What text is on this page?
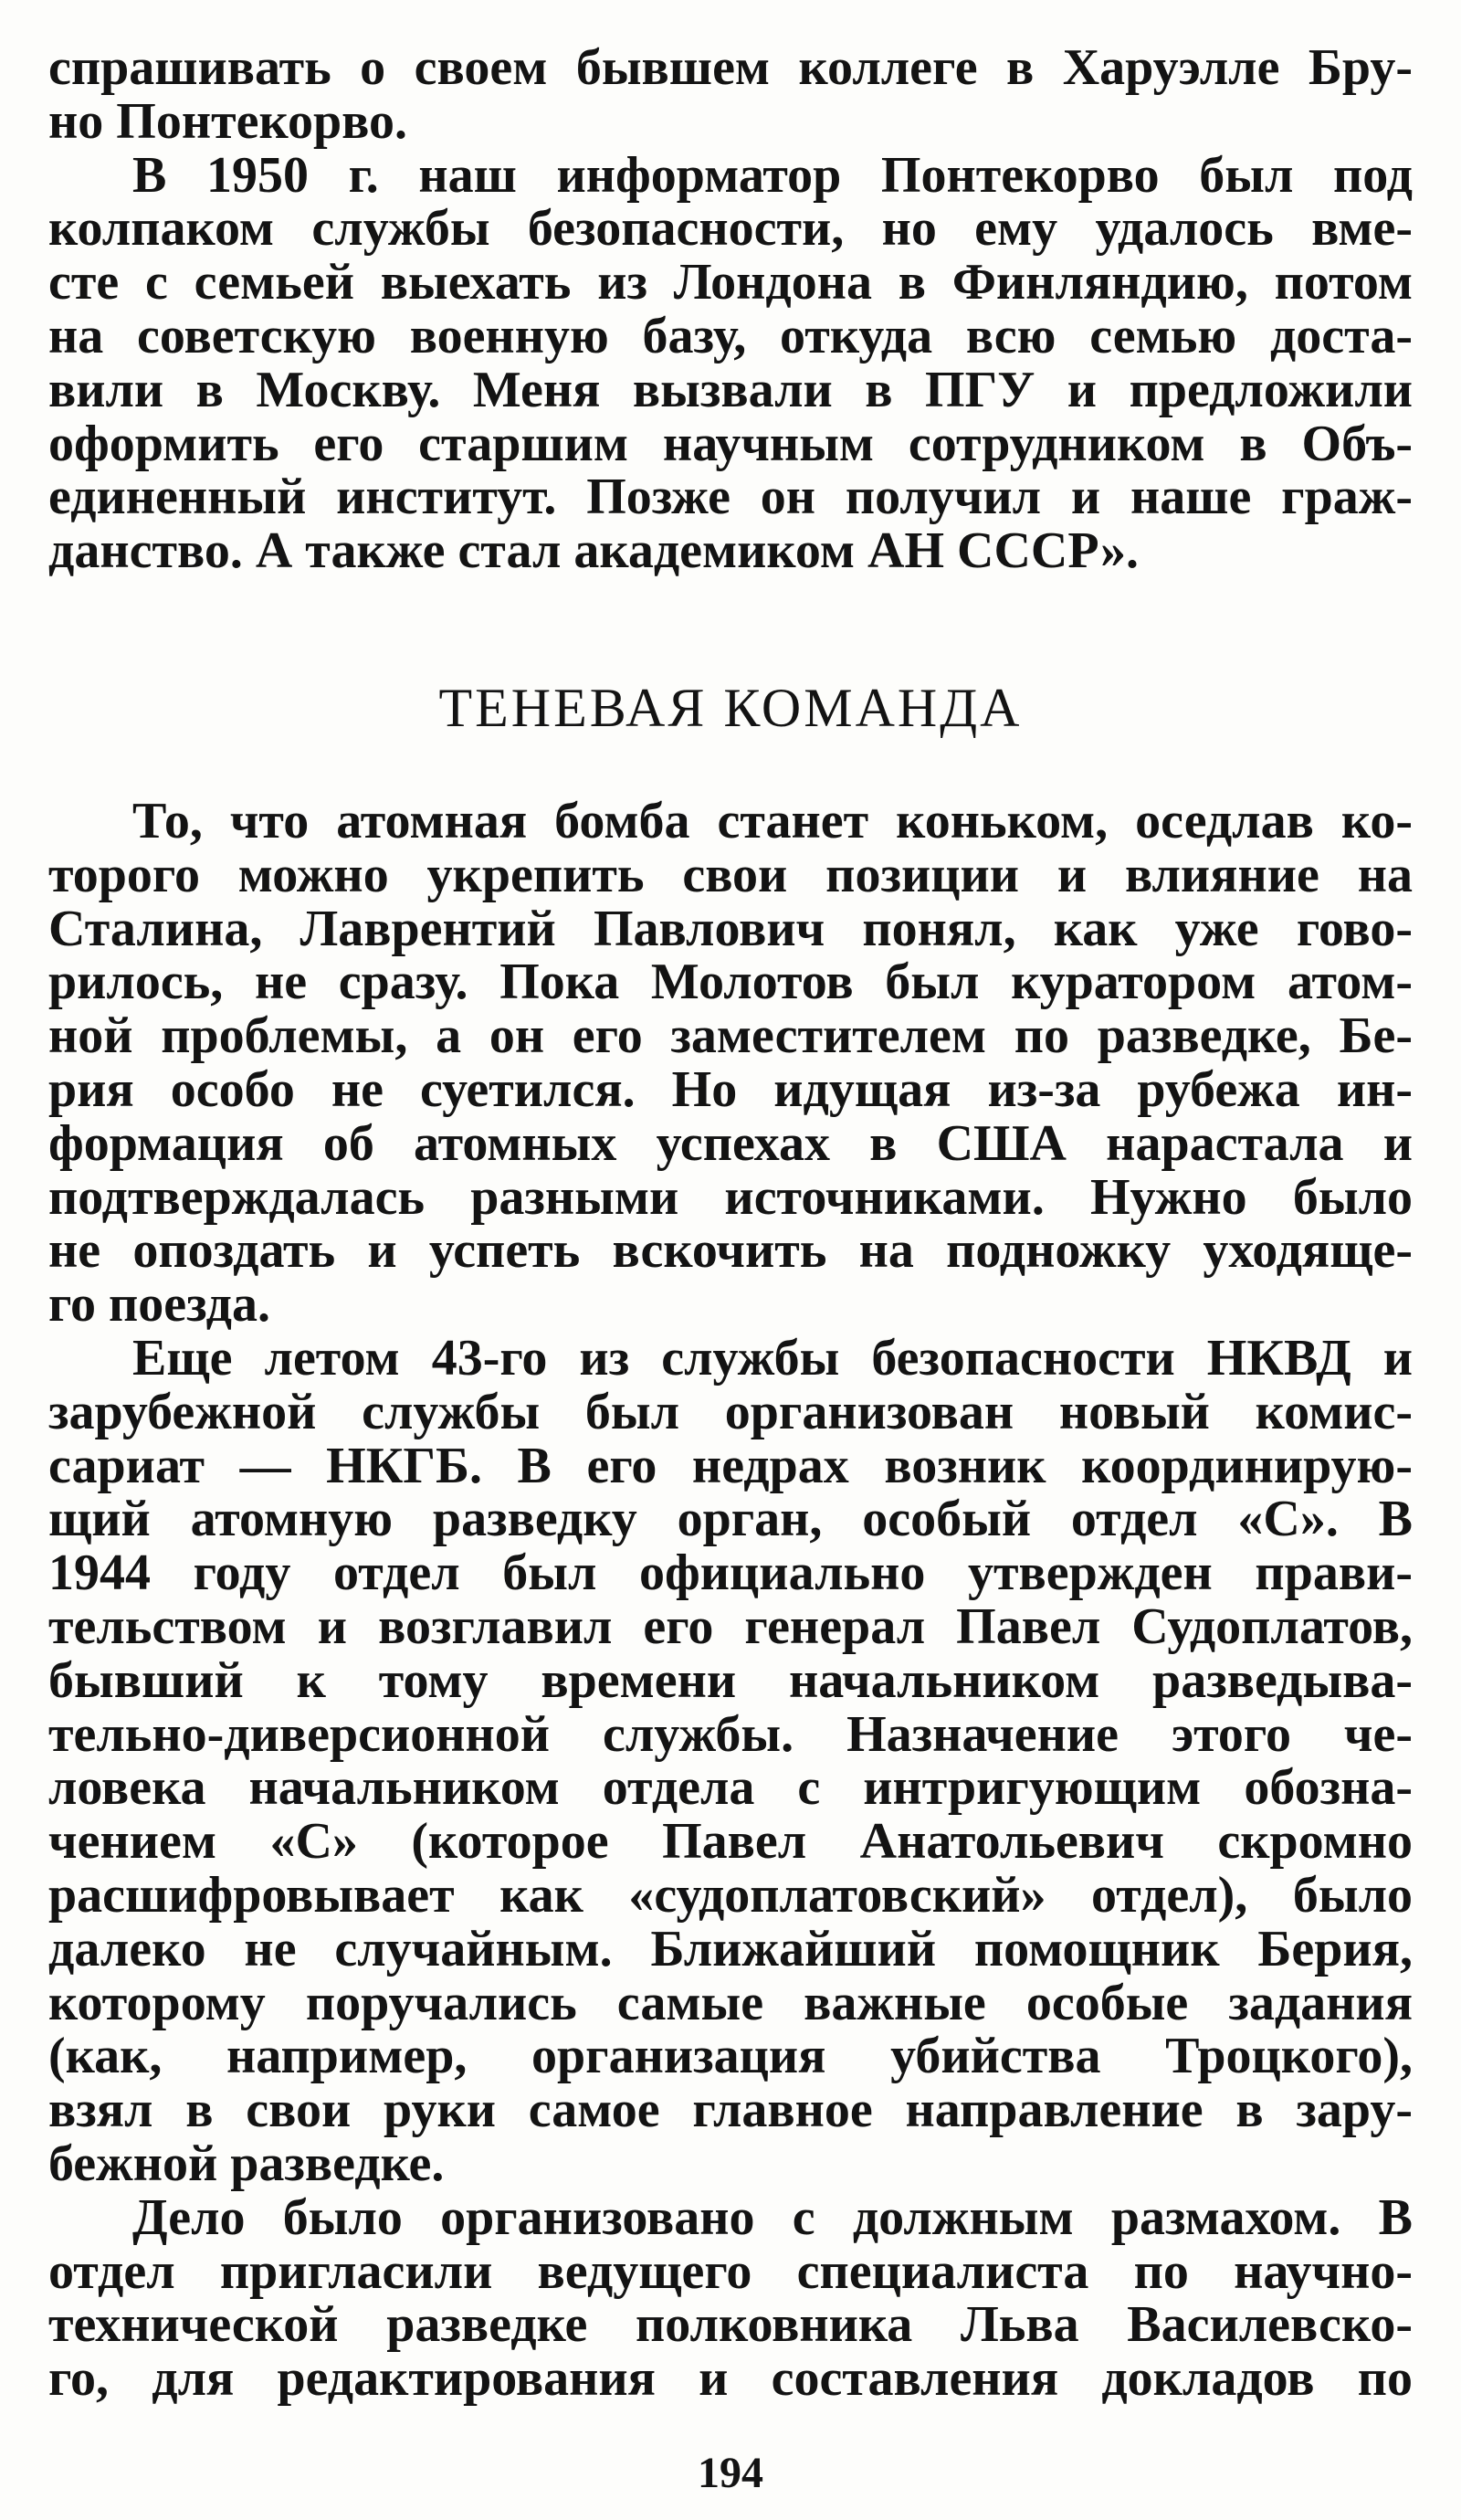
спрашивать о своем бывшем коллеге в Харуэлле Бру-
но Понтекорво.
В 1950 г. наш информатор Понтекорво был под
колпаком службы безопасности, но ему удалось вме-
сте с семьей выехать из Лондона в Финляндию, потом
на советскую военную базу, откуда всю семью доста-
вили в Москву. Меня вызвали в ПГУ и предложили
оформить его старшим научным сотрудником в Объ-
единенный институт. Позже он получил и наше граж-
данство. А также стал академиком АН СССР».
ТЕНЕВАЯ КОМАНДА
То, что атомная бомба станет коньком, оседлав ко-
торого можно укрепить свои позиции и влияние на
Сталина, Лаврентий Павлович понял, как уже гово-
рилось, не сразу. Пока Молотов был куратором атом-
ной проблемы, а он его заместителем по разведке, Бе-
рия особо не суетился. Но идущая из-за рубежа ин-
формация об атомных успехах в США нарастала и
подтверждалась разными источниками. Нужно было
не опоздать и успеть вскочить на подножку уходяще-
го поезда.
Еще летом 43-го из службы безопасности НКВД и
зарубежной службы был организован новый комис-
сариат — НКГБ. В его недрах возник координирую-
щий атомную разведку орган, особый отдел «С». В
1944 году отдел был официально утвержден прави-
тельством и возглавил его генерал Павел Судоплатов,
бывший к тому времени начальником разведыва-
тельно-диверсионной службы. Назначение этого че-
ловека начальником отдела с интригующим обозна-
чением «С» (которое Павел Анатольевич скромно
расшифровывает как «судоплатовский» отдел), было
далеко не случайным. Ближайший помощник Берия,
которому поручались самые важные особые задания
(как, например, организация убийства Троцкого),
взял в свои руки самое главное направление в зару-
бежной разведке.
Дело было организовано с должным размахом. В
отдел пригласили ведущего специалиста по научно-
технической разведке полковника Льва Василевско-
го, для редактирования и составления докладов по
194
